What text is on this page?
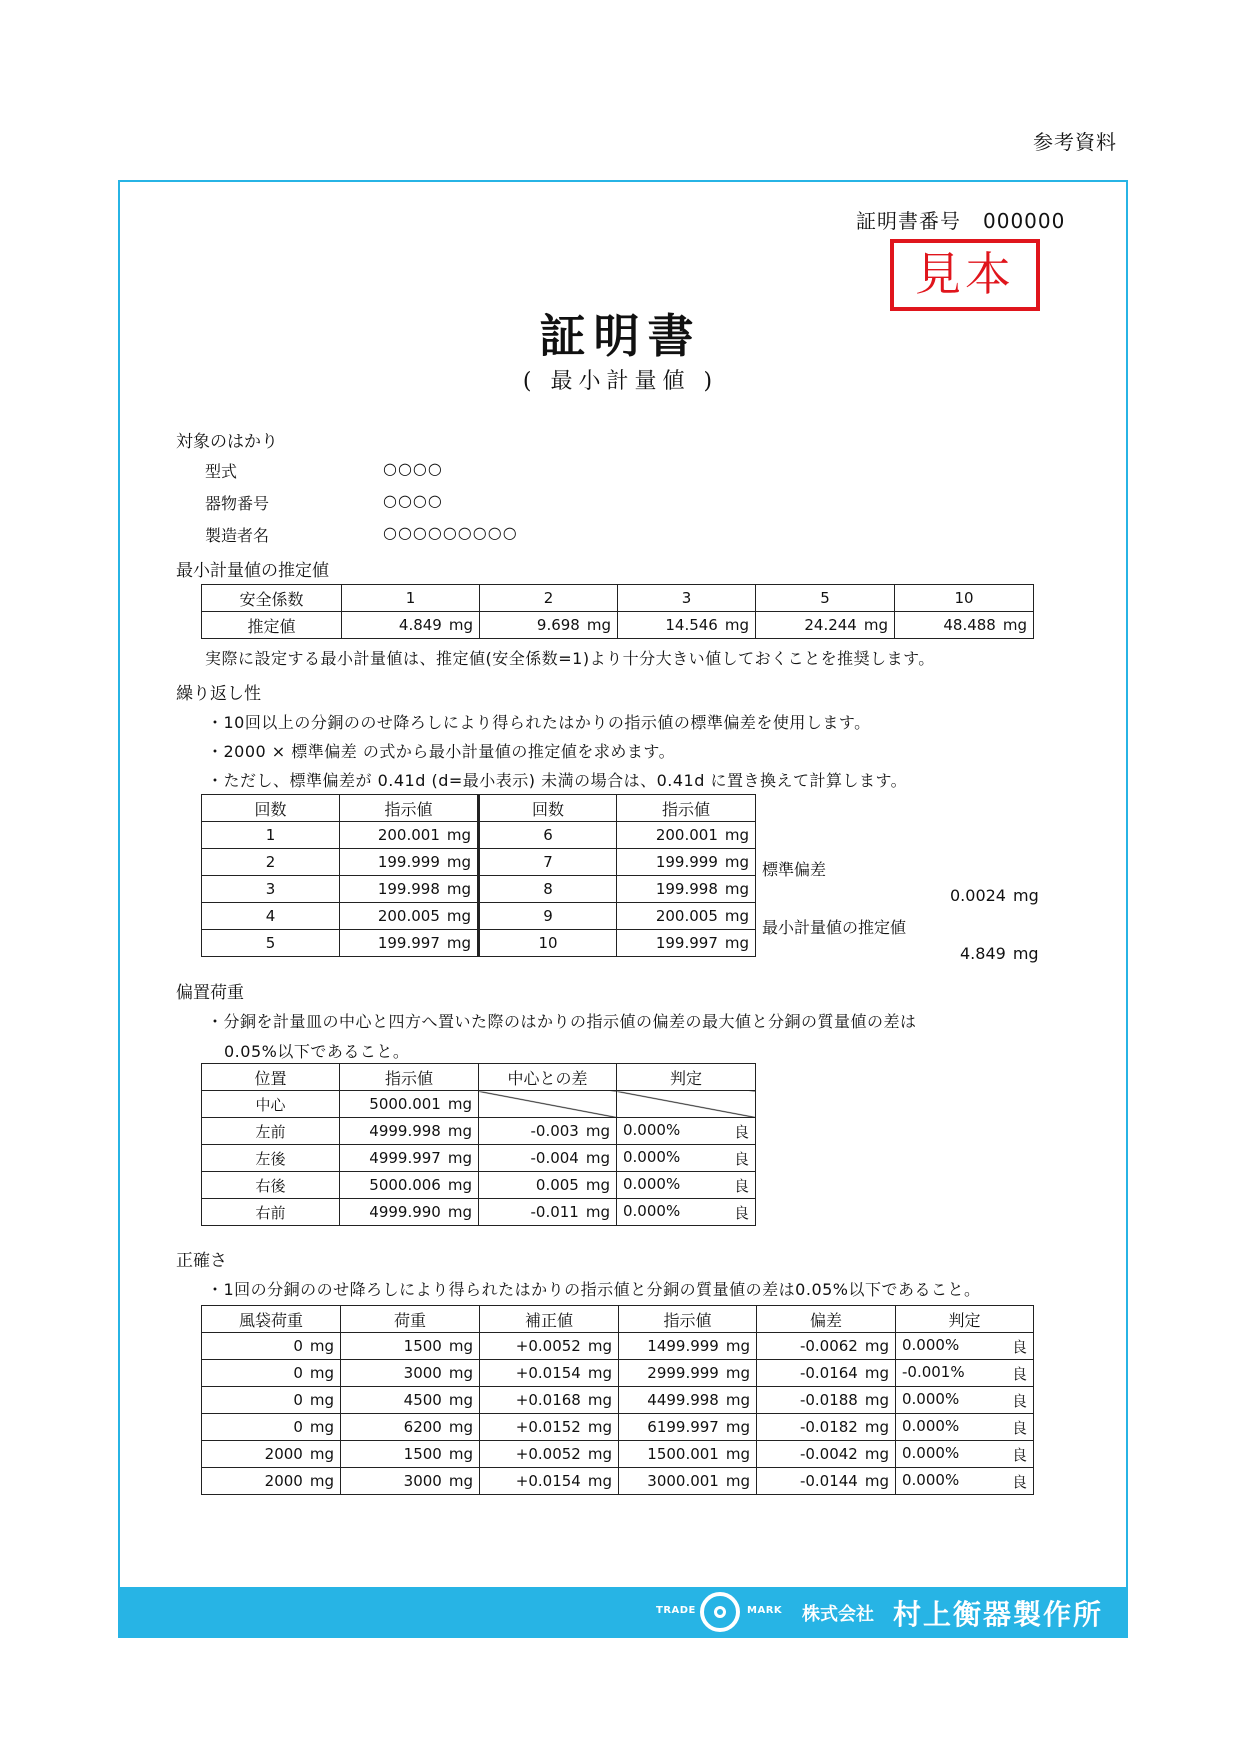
参考資料
証明書番号 000000
見本
証明書
( 最小計量値 )
対象のはかり
型式	○○○○
器物番号	○○○○
製造者名	○○○○○○○○○
最小計量値の推定値
安全係数	1	2	3	5	10
推定値	4.849 mg	9.698 mg	14.546 mg	24.244 mg	48.488 mg
実際に設定する最小計量値は、推定値(安全係数=1)より十分大きい値しておくことを推奨します。
繰り返し性
・10回以上の分銅ののせ降ろしにより得られたはかりの指示値の標準偏差を使用します。
・2000 × 標準偏差 の式から最小計量値の推定値を求めます。
・ただし、標準偏差が 0.41d (d=最小表示) 未満の場合は、0.41d に置き換えて計算します。
回数	指示値	回数	指示値
1	200.001 mg	6	200.001 mg
2	199.999 mg	7	199.999 mg
3	199.998 mg	8	199.998 mg
4	200.005 mg	9	200.005 mg
5	199.997 mg	10	199.997 mg
標準偏差
0.0024 mg
最小計量値の推定値
4.849 mg
偏置荷重
・分銅を計量皿の中心と四方へ置いた際のはかりの指示値の偏差の最大値と分銅の質量値の差は
0.05%以下であること。
位置	指示値	中心との差	判定
中心	5000.001 mg		
左前	4999.998 mg	-0.003 mg	0.000% 良

左後	4999.997 mg	-0.004 mg	0.000% 良

右後	5000.006 mg	0.005 mg	0.000% 良

右前	4999.990 mg	-0.011 mg	0.000% 良
正確さ
・1回の分銅ののせ降ろしにより得られたはかりの指示値と分銅の質量値の差は0.05%以下であること。
風袋荷重	荷重	補正値	指示値	偏差	判定
0 mg	1500 mg	+0.0052 mg	1499.999 mg	-0.0062 mg	0.000% 良

0 mg	3000 mg	+0.0154 mg	2999.999 mg	-0.0164 mg	-0.001% 良

0 mg	4500 mg	+0.0168 mg	4499.998 mg	-0.0188 mg	0.000% 良

0 mg	6200 mg	+0.0152 mg	6199.997 mg	-0.0182 mg	0.000% 良

2000 mg	1500 mg	+0.0052 mg	1500.001 mg	-0.0042 mg	0.000% 良

2000 mg	3000 mg	+0.0154 mg	3000.001 mg	-0.0144 mg	0.000% 良
TRADE	MARK 株式会社 村上衡器製作所
